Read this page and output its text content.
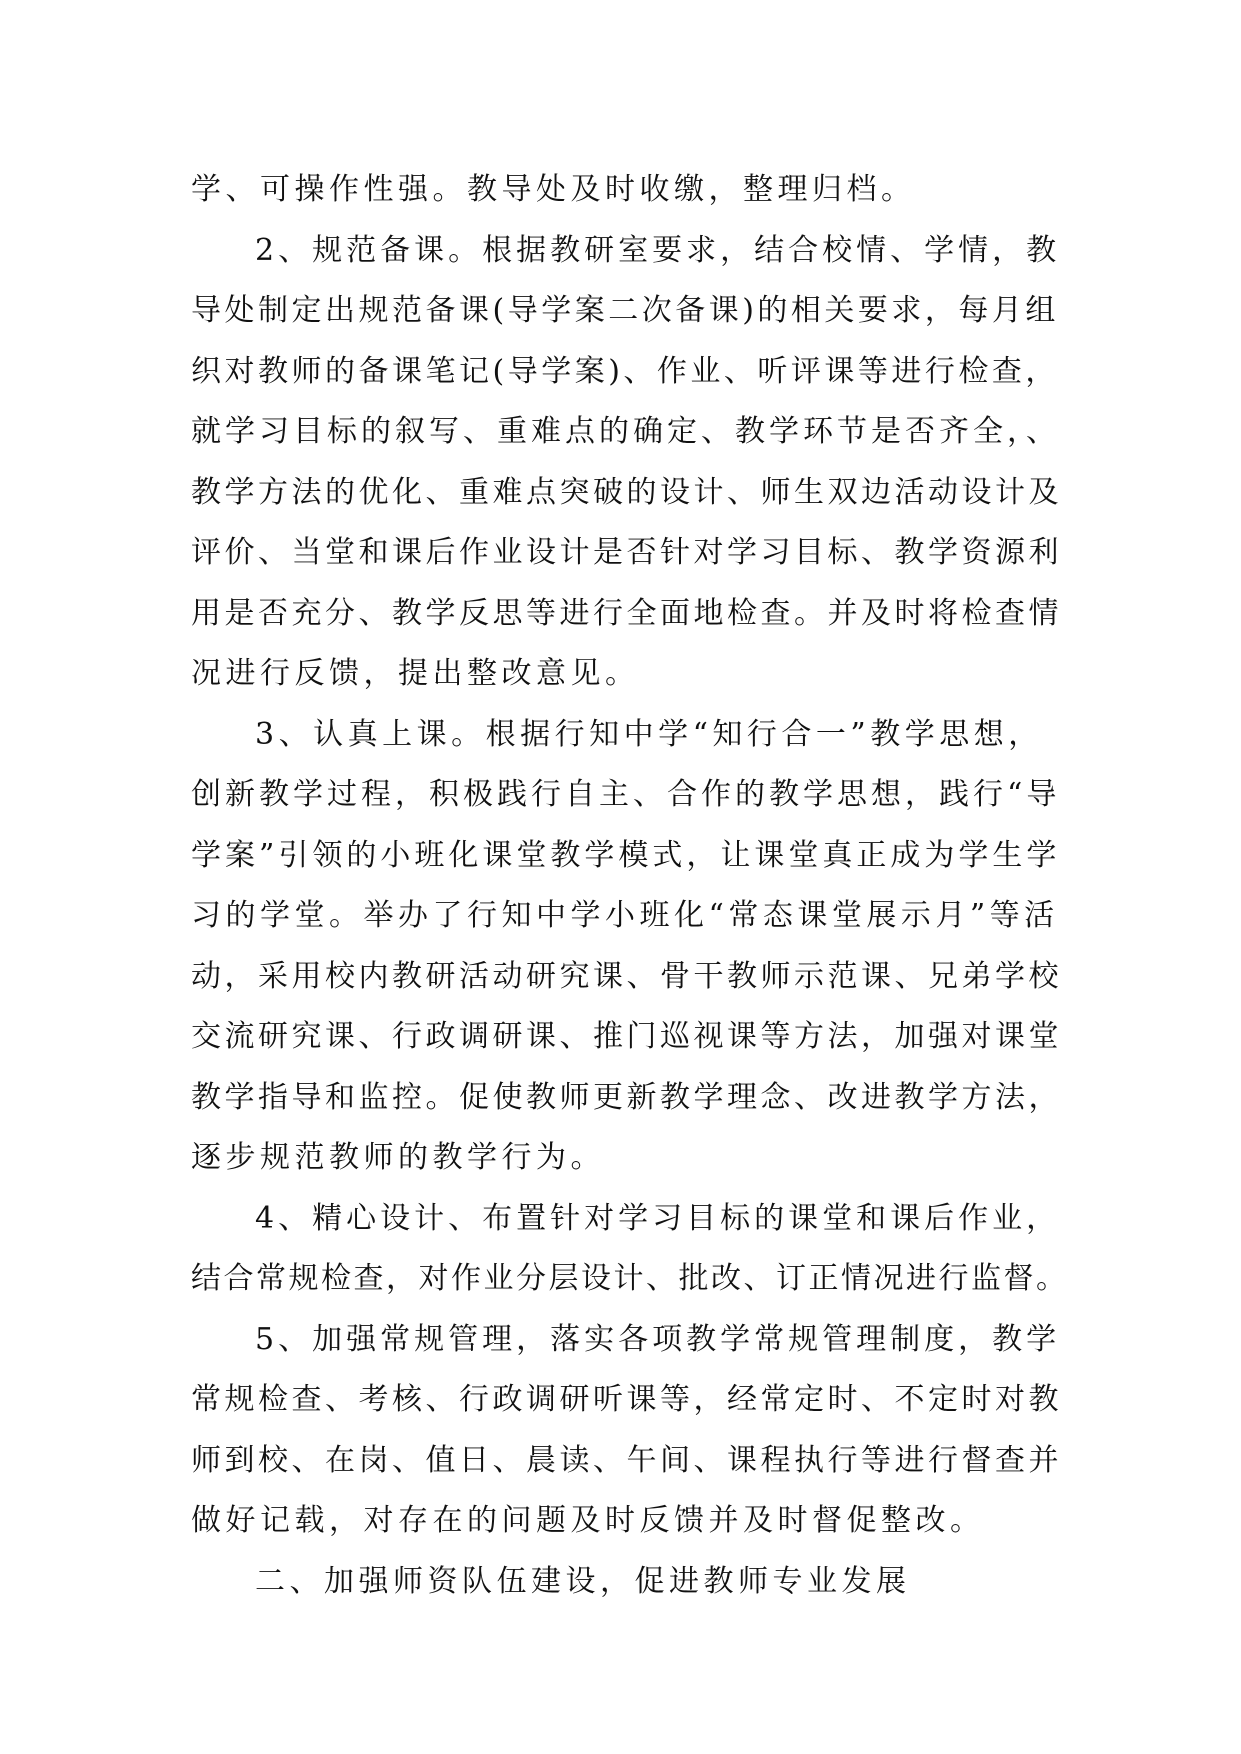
学、可操作性强。教导处及时收缴，整理归档。
2、规范备课。根据教研室要求，结合校情、学情，教
导处制定出规范备课(导学案二次备课)的相关要求，每月组
织对教师的备课笔记(导学案)、作业、听评课等进行检查，
就学习目标的叙写、重难点的确定、教学环节是否齐全，、
教学方法的优化、重难点突破的设计、师生双边活动设计及
评价、当堂和课后作业设计是否针对学习目标、教学资源利
用是否充分、教学反思等进行全面地检查。并及时将检查情
况进行反馈，提出整改意见。
3、认真上课。根据行知中学“知行合一”教学思想，
创新教学过程，积极践行自主、合作的教学思想，践行“导
学案”引领的小班化课堂教学模式，让课堂真正成为学生学
习的学堂。举办了行知中学小班化“常态课堂展示月”等活
动，采用校内教研活动研究课、骨干教师示范课、兄弟学校
交流研究课、行政调研课、推门巡视课等方法，加强对课堂
教学指导和监控。促使教师更新教学理念、改进教学方法，
逐步规范教师的教学行为。
4、精心设计、布置针对学习目标的课堂和课后作业，
结合常规检查，对作业分层设计、批改、订正情况进行监督。
5、加强常规管理，落实各项教学常规管理制度，教学
常规检查、考核、行政调研听课等，经常定时、不定时对教
师到校、在岗、值日、晨读、午间、课程执行等进行督查并
做好记载，对存在的问题及时反馈并及时督促整改。
二、加强师资队伍建设，促进教师专业发展
